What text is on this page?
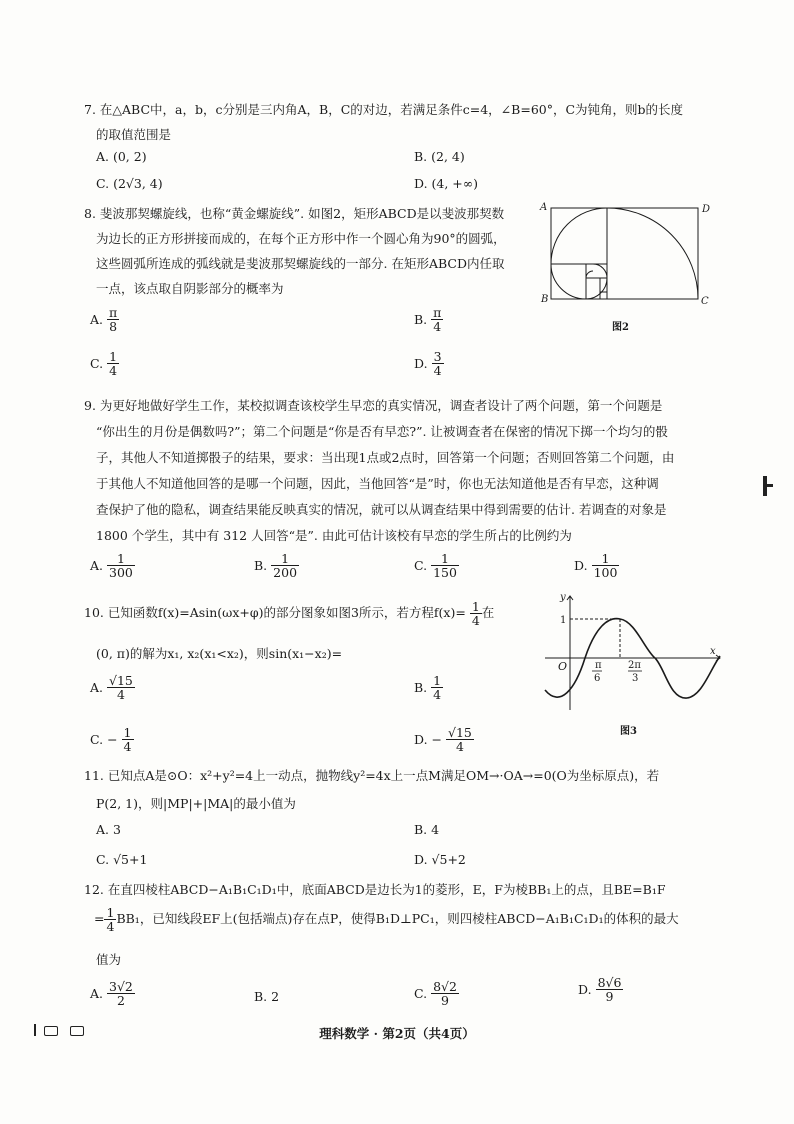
7. 在△ABC中，a，b，c分别是三内角A，B，C的对边，若满足条件c=4，∠B=60°，C为钝角，则b的长度
的取值范围是
A. (0, 2)	B. (2, 4)
C. (2√3, 4)	D. (4, +∞)
8. 斐波那契螺旋线，也称“黄金螺旋线”. 如图2，矩形ABCD是以斐波那契数
为边长的正方形拼接而成的，在每个正方形中作一个圆心角为90°的圆弧，
这些圆弧所连成的弧线就是斐波那契螺旋线的一部分. 在矩形ABCD内任取
一点，该点取自阴影部分的概率为
A. $\frac{\pi}{8}$	B. $\frac{\pi}{4}$
C. $\frac{1}{4}$	D. $\frac{3}{4}$
A	D
B	C
图2
9. 为更好地做好学生工作，某校拟调查该校学生早恋的真实情况，调查者设计了两个问题，第一个问题是
“你出生的月份是偶数吗?”；第二个问题是“你是否有早恋?”. 让被调查者在保密的情况下掷一个均匀的骰
子，其他人不知道掷骰子的结果，要求：当出现1点或2点时，回答第一个问题；否则回答第二个问题，由
于其他人不知道他回答的是哪一个问题，因此，当他回答“是”时，你也无法知道他是否有早恋，这种调
查保护了他的隐私，调查结果能反映真实的情况，就可以从调查结果中得到需要的估计. 若调查的对象是
1800 个学生，其中有 312 人回答“是”. 由此可估计该校有早恋的学生所占的比例约为
A. $\frac{1}{300}$	B. $\frac{1}{200}$	C. $\frac{1}{150}$	D. $\frac{1}{100}$
10. 已知函数f(x)=Asin(ωx+φ)的部分图象如图3所示，若方程$f(x)= \frac{1}{4}$ 在
(0, π)的解为x₁, x₂(x₁<x₂)，则sin(x₁−x₂)=
A. $\frac{√15}{4}$	B. $\frac{1}{4}$
C. − $\frac{1}{4}$	D. − $\frac{√15}{4}$
y
x
1
O	π
6
2π
3
图3
11. 已知点A是⊙O：x²+y²=4上一动点，抛物线y²=4x上一点M满足OM→·OA→=0(O为坐标原点)，若
P(2, 1)，则|MP|+|MA|的最小值为
A. 3	B. 4
C. √5+1	D. √5+2
12. 在直四棱柱ABCD−A₁B₁C₁D₁中，底面ABCD是边长为1的菱形，E，F为棱BB₁上的点，且BE=B₁F
= $\frac{1}{4} BB_1$，已知线段EF上(包括端点)存在点P，使得B₁D⊥PC₁，则四棱柱ABCD−A₁B₁C₁D₁的体积的最大
值为
A. $\frac{3√2}{2}$	B. 2	C. $\frac{8√2}{9}$	D. $\frac{8√6}{9}$
理科数学 · 第2页（共4页）
